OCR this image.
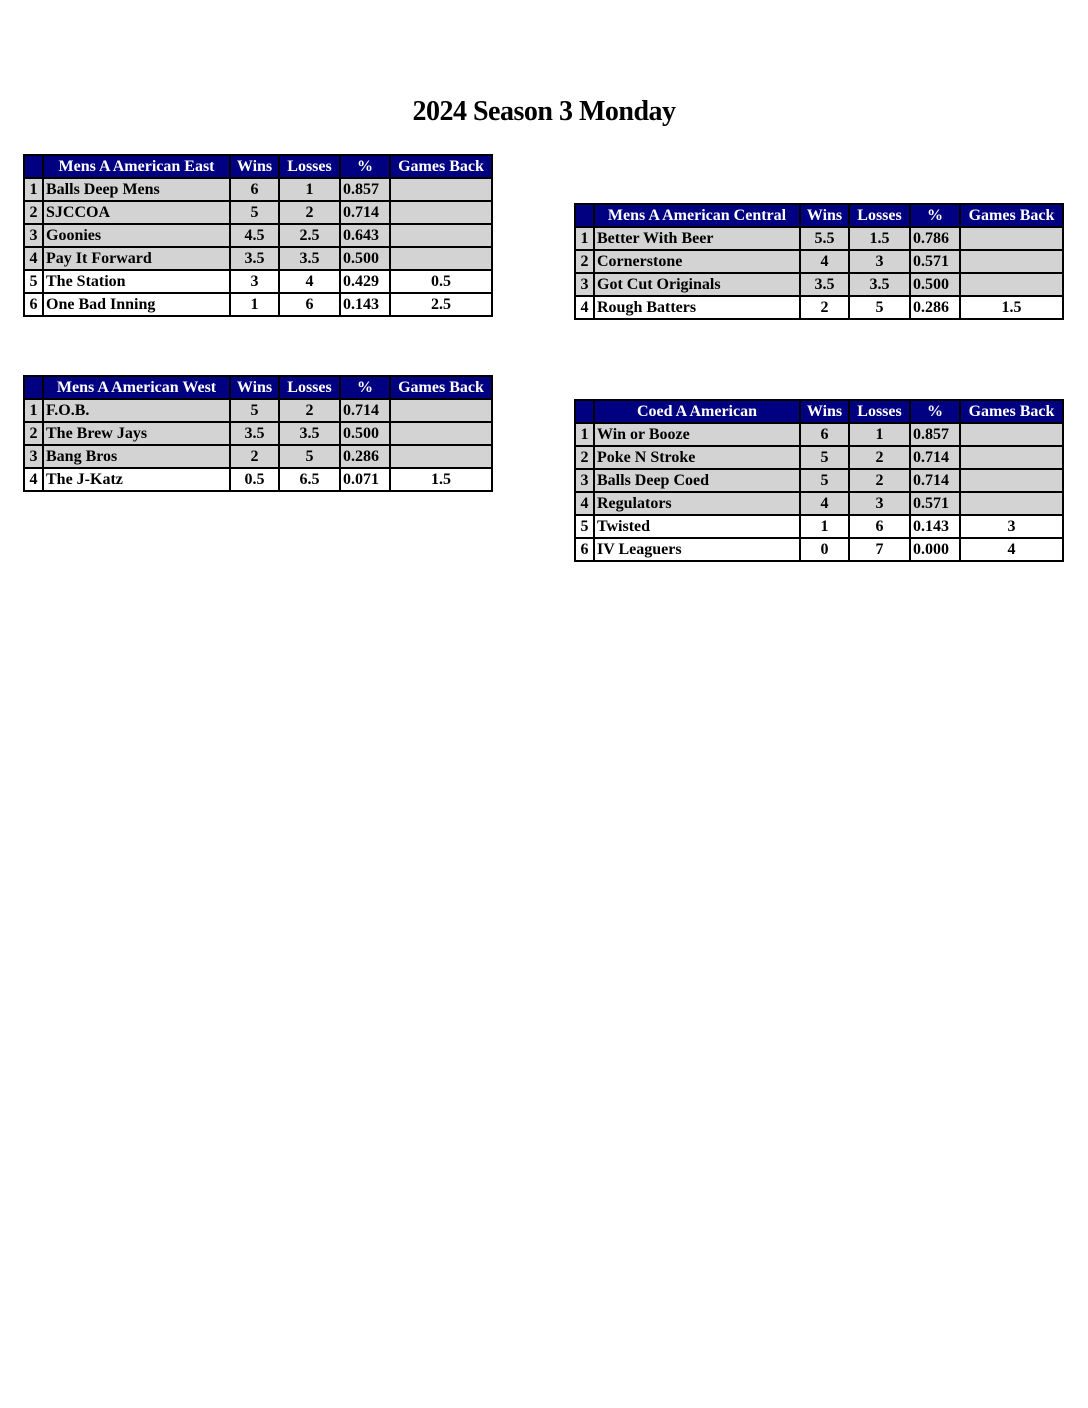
2024 Season 3 Monday
	Mens A American East	Wins	Losses	%	Games Back
1	Balls Deep Mens	6	1	0.857	
2	SJCCOA	5	2	0.714	
3	Goonies	4.5	2.5	0.643	
4	Pay It Forward	3.5	3.5	0.500	
5	The Station	3	4	0.429	0.5
6	One Bad Inning	1	6	0.143	2.5
	Mens A American Central	Wins	Losses	%	Games Back
1	Better With Beer	5.5	1.5	0.786	
2	Cornerstone	4	3	0.571	
3	Got Cut Originals	3.5	3.5	0.500	
4	Rough Batters	2	5	0.286	1.5
	Mens A American West	Wins	Losses	%	Games Back
1	F.O.B.	5	2	0.714	
2	The Brew Jays	3.5	3.5	0.500	
3	Bang Bros	2	5	0.286	
4	The J-Katz	0.5	6.5	0.071	1.5
	Coed A American	Wins	Losses	%	Games Back
1	Win or Booze	6	1	0.857	
2	Poke N Stroke	5	2	0.714	
3	Balls Deep Coed	5	2	0.714	
4	Regulators	4	3	0.571	
5	Twisted	1	6	0.143	3
6	IV Leaguers	0	7	0.000	4
